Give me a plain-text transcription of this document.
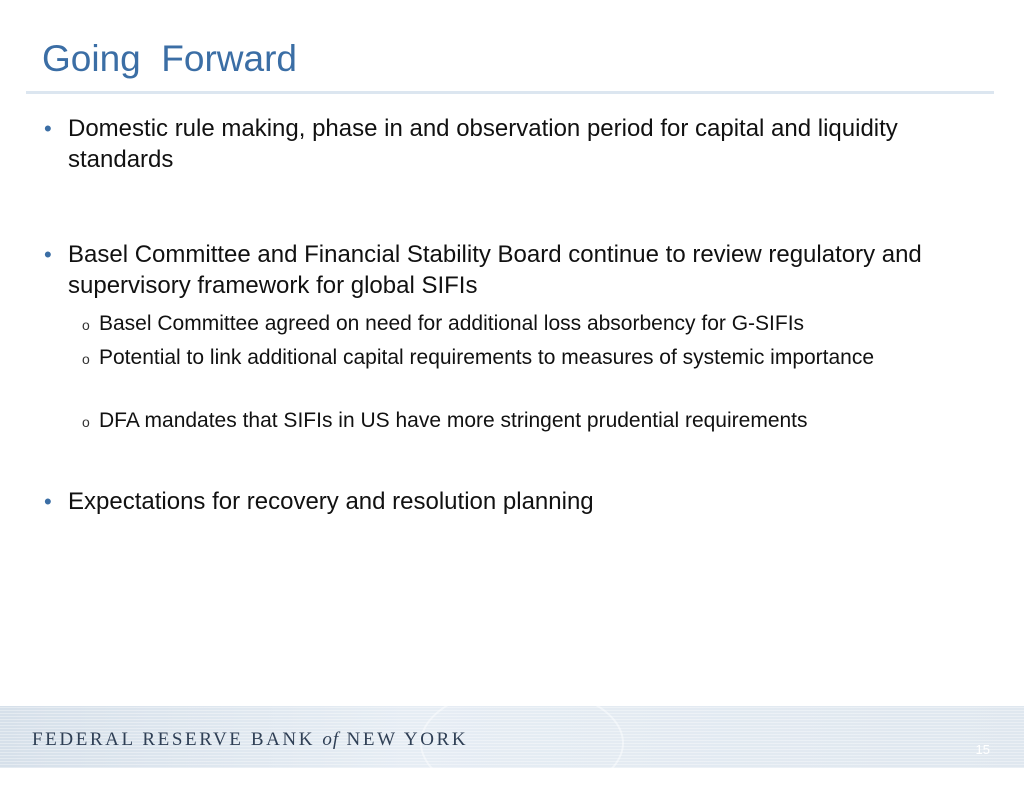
Going  Forward
• Domestic rule making, phase in and observation period for capital and liquidity standards
• Basel Committee and Financial Stability Board continue to review regulatory and supervisory framework for global SIFIs
o Basel Committee agreed on need for additional loss absorbency for G-SIFIs
o Potential to link additional capital requirements to measures of systemic importance
o DFA mandates that SIFIs in US have more stringent prudential requirements
• Expectations for recovery and resolution planning
FEDERAL RESERVE BANK of NEW YORK	15
